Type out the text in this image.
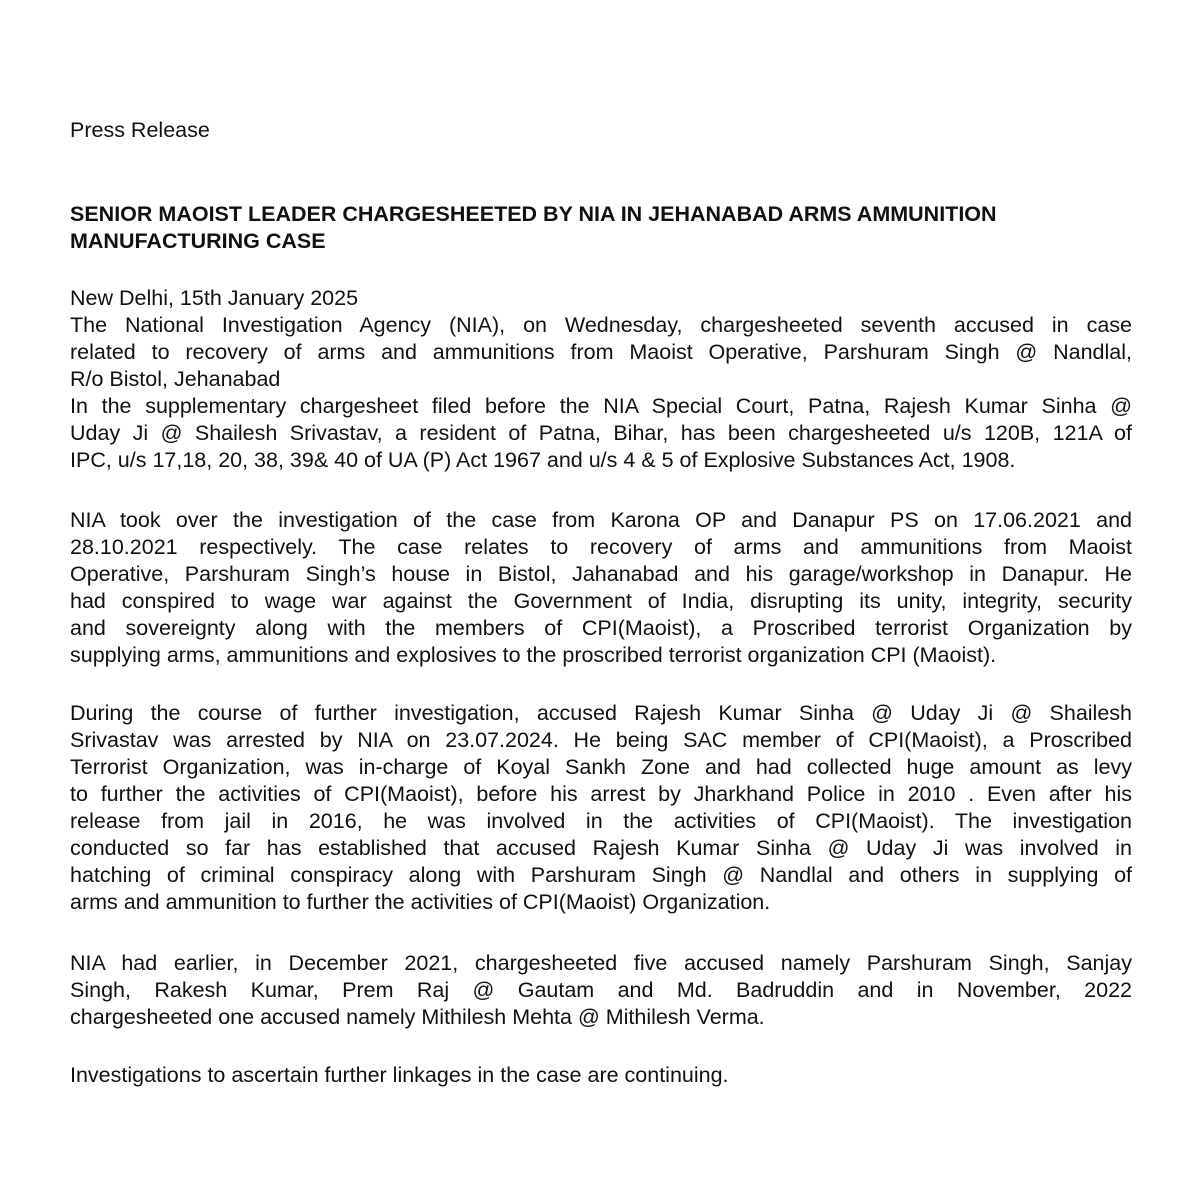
Press Release

SENIOR MAOIST LEADER CHARGESHEETED BY NIA IN JEHANABAD ARMS AMMUNITION
MANUFACTURING CASE
New Delhi, 15th January 2025
The National Investigation Agency (NIA), on Wednesday, chargesheeted seventh accused in case
related to recovery of arms and ammunitions from Maoist Operative, Parshuram Singh @ Nandlal,
R/o Bistol, Jehanabad
In the supplementary chargesheet filed before the NIA Special Court, Patna, Rajesh Kumar Sinha @
Uday Ji @ Shailesh Srivastav, a resident of Patna, Bihar, has been chargesheeted u/s 120B, 121A of
IPC, u/s 17,18, 20, 38, 39& 40 of UA (P) Act 1967 and u/s 4 & 5 of Explosive Substances Act, 1908.
NIA took over the investigation of the case from Karona OP and Danapur PS on 17.06.2021 and
28.10.2021 respectively. The case relates to recovery of arms and ammunitions from Maoist
Operative, Parshuram Singh’s house in Bistol, Jahanabad and his garage/workshop in Danapur. He
had conspired to wage war against the Government of India, disrupting its unity, integrity, security
and sovereignty along with the members of CPI(Maoist), a Proscribed terrorist Organization by
supplying arms, ammunitions and explosives to the proscribed terrorist organization CPI (Maoist).
During the course of further investigation, accused Rajesh Kumar Sinha @ Uday Ji @ Shailesh
Srivastav was arrested by NIA on 23.07.2024. He being SAC member of CPI(Maoist), a Proscribed
Terrorist Organization, was in-charge of Koyal Sankh Zone and had collected huge amount as levy
to further the activities of CPI(Maoist), before his arrest by Jharkhand Police in 2010 . Even after his
release from jail in 2016, he was involved in the activities of CPI(Maoist). The investigation
conducted so far has established that accused Rajesh Kumar Sinha @ Uday Ji was involved in
hatching of criminal conspiracy along with Parshuram Singh @ Nandlal and others in supplying of
arms and ammunition to further the activities of CPI(Maoist) Organization.
NIA had earlier, in December 2021, chargesheeted five accused namely Parshuram Singh, Sanjay
Singh, Rakesh Kumar, Prem Raj @ Gautam and Md. Badruddin and in November, 2022
chargesheeted one accused namely Mithilesh Mehta @ Mithilesh Verma.

Investigations to ascertain further linkages in the case are continuing.
